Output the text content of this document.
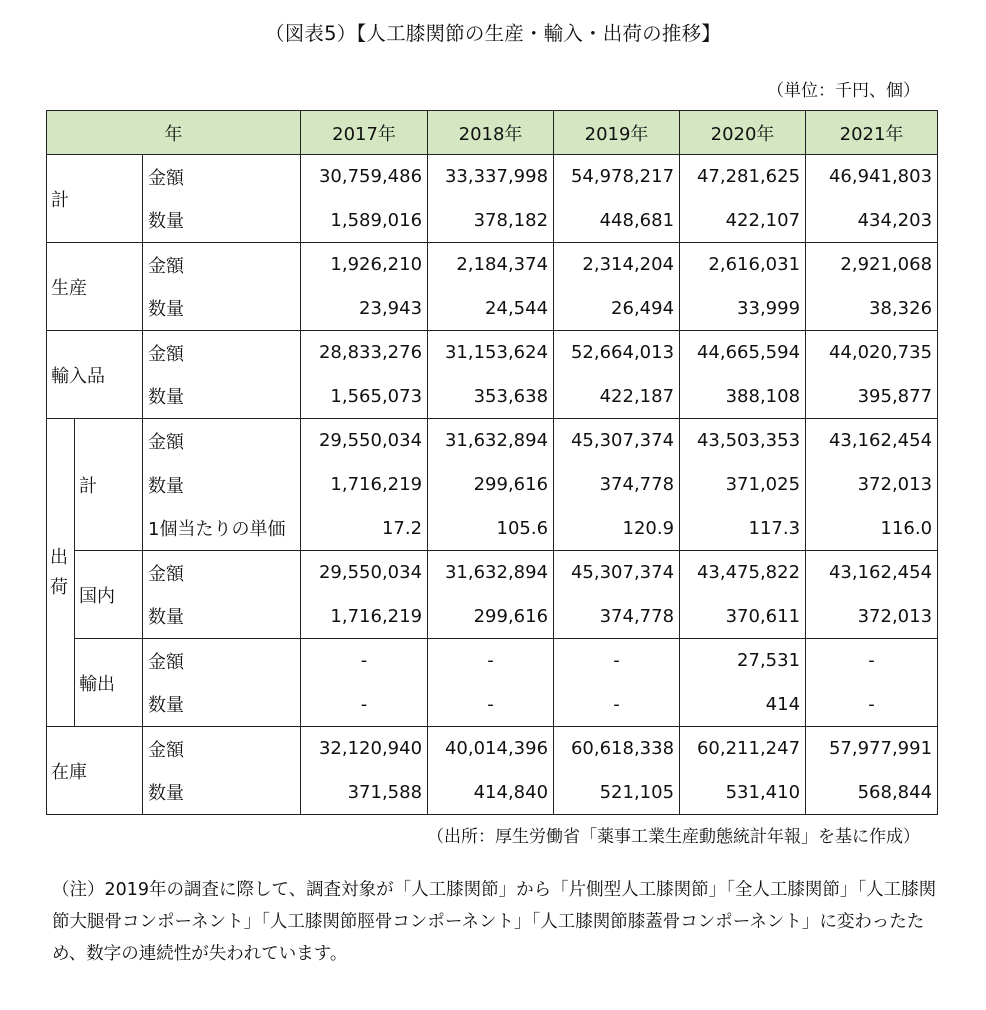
（図表5）【人工膝関節の生産・輸入・出荷の推移】
（単位：千円、個）
年			2017年	2018年	2019年	2020年	2021年
計		金額	30,759,486	33,337,998	54,978,217	47,281,625	46,941,803
		数量	1,589,016	378,182	448,681	422,107	434,203
生産		金額	1,926,210	2,184,374	2,314,204	2,616,031	2,921,068
		数量	23,943	24,544	26,494	33,999	38,326
輸入品		金額	28,833,276	31,153,624	52,664,013	44,665,594	44,020,735
		数量	1,565,073	353,638	422,187	388,108	395,877
出荷	計	金額	29,550,034	31,632,894	45,307,374	43,503,353	43,162,454
		数量	1,716,219	299,616	374,778	371,025	372,013
		1個当たりの単価	17.2	105.6	120.9	117.3	116.0
	国内	金額	29,550,034	31,632,894	45,307,374	43,475,822	43,162,454
		数量	1,716,219	299,616	374,778	370,611	372,013
	輸出	金額	-	-	-	27,531	-
		数量	-	-	-	414	-
在庫		金額	32,120,940	40,014,396	60,618,338	60,211,247	57,977,991
		数量	371,588	414,840	521,105	531,410	568,844
（出所：厚生労働省「薬事工業生産動態統計年報」を基に作成）
（注）2019年の調査に際して、調査対象が「人工膝関節」から「片側型人工膝関節」「全人工膝関節」「人工膝関節大腿骨コンポーネント」「人工膝関節脛骨コンポーネント」「人工膝関節膝蓋骨コンポーネント」に変わったため、数字の連続性が失われています。
